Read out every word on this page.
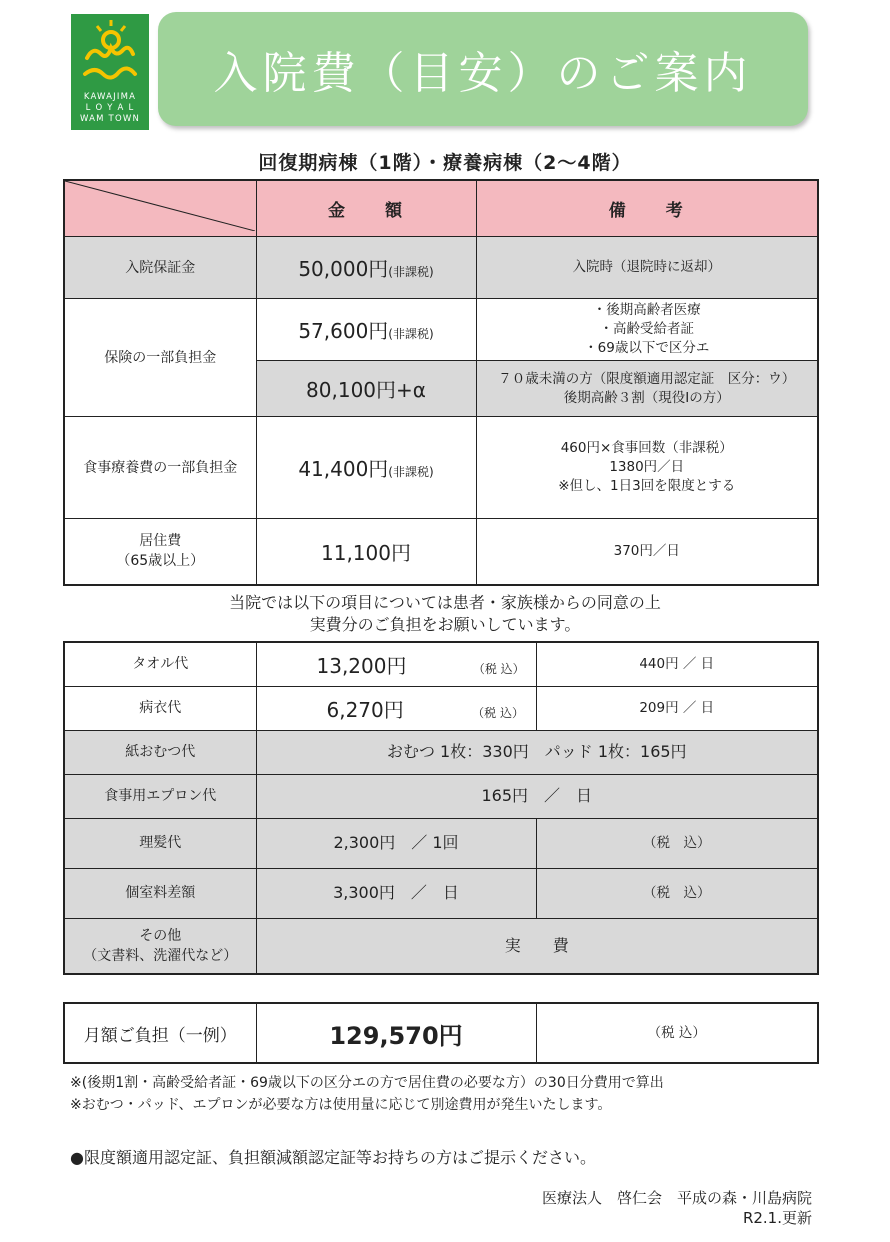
KAWAJIMA
L O Y A L
WAM TOWN
入院費（目安）のご案内
回復期病棟（1階）・療養病棟（2～4階）
	金　　額	備　　考
入院保証金	50,000円(非課税)	入院時（退院時に返却）
保険の一部負担金	57,600円(非課税)	・後期高齢者医療
・高齢受給者証
・69歳以下で区分エ

	80,100円+α	７０歳未満の方（限度額適用認定証　区分：ウ）
後期高齢３割（現役Ⅰの方）

食事療養費の一部負担金	41,400円(非課税)	460円×食事回数（非課税）
1380円／日
※但し、1日3回を限度とする

居住費
（65歳以上）	11,100円	370円／日
当院では以下の項目については患者・家族様からの同意の上
実費分のご負担をお願いしています。
タオル代	13,200円 （税 込）	440円 ／ 日
病衣代	6,270円 （税 込）	209円 ／ 日
紙おむつ代	おむつ 1枚：330円　パッド 1枚：165円	
食事用エプロン代	165円　／　日	
理髪代	2,300円　／ 1回	（税　込）
個室料差額	3,300円　／　日	（税　込）

その他
（文書料、洗濯代など）	実　　費	
月額ご負担（一例）	129,570円	（税 込）
※(後期1割・高齢受給者証・69歳以下の区分エの方で居住費の必要な方）の30日分費用で算出
※おむつ・パッド、エプロンが必要な方は使用量に応じて別途費用が発生いたします。
●限度額適用認定証、負担額減額認定証等お持ちの方はご提示ください。
医療法人　啓仁会　平成の森・川島病院
R2.1.更新
